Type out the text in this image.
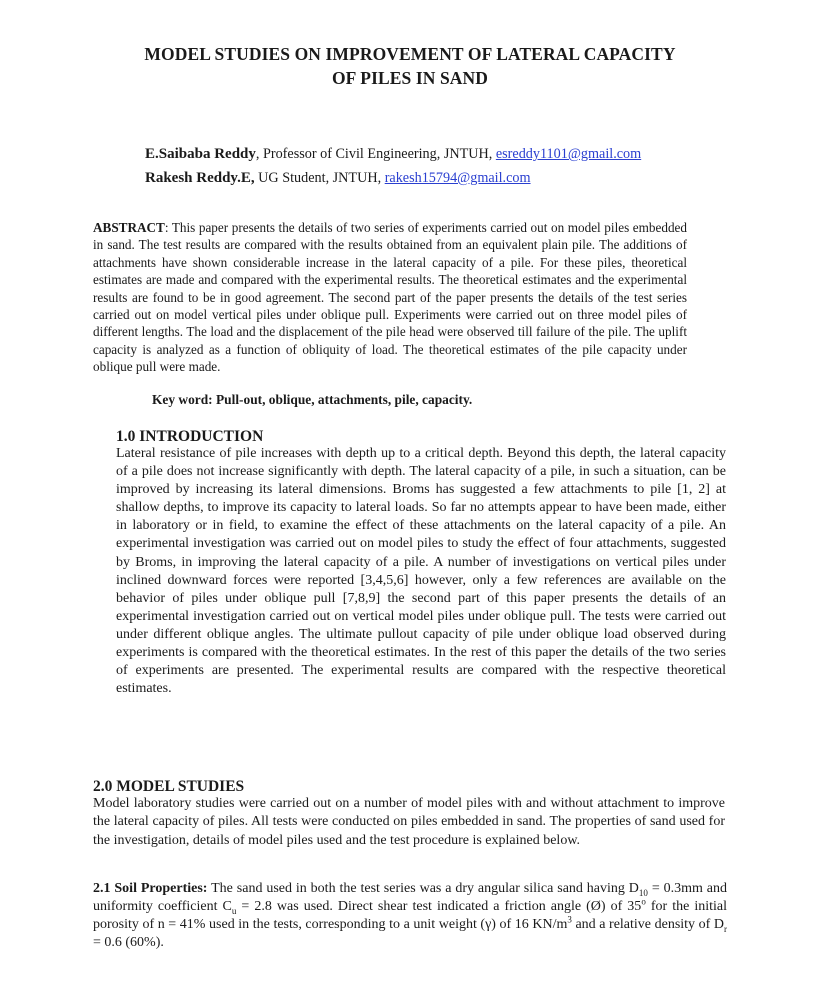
MODEL STUDIES ON IMPROVEMENT OF LATERAL CAPACITY
OF PILES IN SAND
E.Saibaba Reddy, Professor of Civil Engineering, JNTUH, esreddy1101@gmail.com
Rakesh Reddy.E, UG Student, JNTUH, rakesh15794@gmail.com
ABSTRACT: This paper presents the details of two series of experiments carried out on model piles embedded in sand. The test results are compared with the results obtained from an equivalent plain pile. The additions of attachments have shown considerable increase in the lateral capacity of a pile. For these piles, theoretical estimates are made and compared with the experimental results. The theoretical estimates and the experimental results are found to be in good agreement. The second part of the paper presents the details of the test series carried out on model vertical piles under oblique pull. Experiments were carried out on three model piles of different lengths. The load and the displacement of the pile head were observed till failure of the pile. The uplift capacity is analyzed as a function of obliquity of load. The theoretical estimates of the pile capacity under oblique pull were made.
Key word: Pull-out, oblique, attachments, pile, capacity.
1.0 INTRODUCTION
Lateral resistance of pile increases with depth up to a critical depth. Beyond this depth, the lateral capacity of a pile does not increase significantly with depth. The lateral capacity of a pile, in such a situation, can be improved by increasing its lateral dimensions. Broms has suggested a few attachments to pile [1, 2] at shallow depths, to improve its capacity to lateral loads. So far no attempts appear to have been made, either in laboratory or in field, to examine the effect of these attachments on the lateral capacity of a pile. An experimental investigation was carried out on model piles to study the effect of four attachments, suggested by Broms, in improving the lateral capacity of a pile. A number of investigations on vertical piles under inclined downward forces were reported [3,4,5,6] however, only a few references are available on the behavior of piles under oblique pull [7,8,9] the second part of this paper presents the details of an experimental investigation carried out on vertical model piles under oblique pull. The tests were carried out under different oblique angles. The ultimate pullout capacity of pile under oblique load observed during experiments is compared with the theoretical estimates. In the rest of this paper the details of the two series of experiments are presented. The experimental results are compared with the respective theoretical estimates.
2.0 MODEL STUDIES
Model laboratory studies were carried out on a number of model piles with and without attachment to improve the lateral capacity of piles. All tests were conducted on piles embedded in sand. The properties of sand used for the investigation, details of model piles used and the test procedure is explained below.
2.1 Soil Properties: The sand used in both the test series was a dry angular silica sand having $D_{10} = 0.3mm$ and uniformity coefficient $C_u = 2.8$ was used. Direct shear test indicated a friction angle (Ø) of 35$^o$ for the initial porosity of n = 41% used in the tests, corresponding to a unit weight (γ) of 16 $KN/m^3$ and a relative density of $D_r = 0.6$ (60%).
